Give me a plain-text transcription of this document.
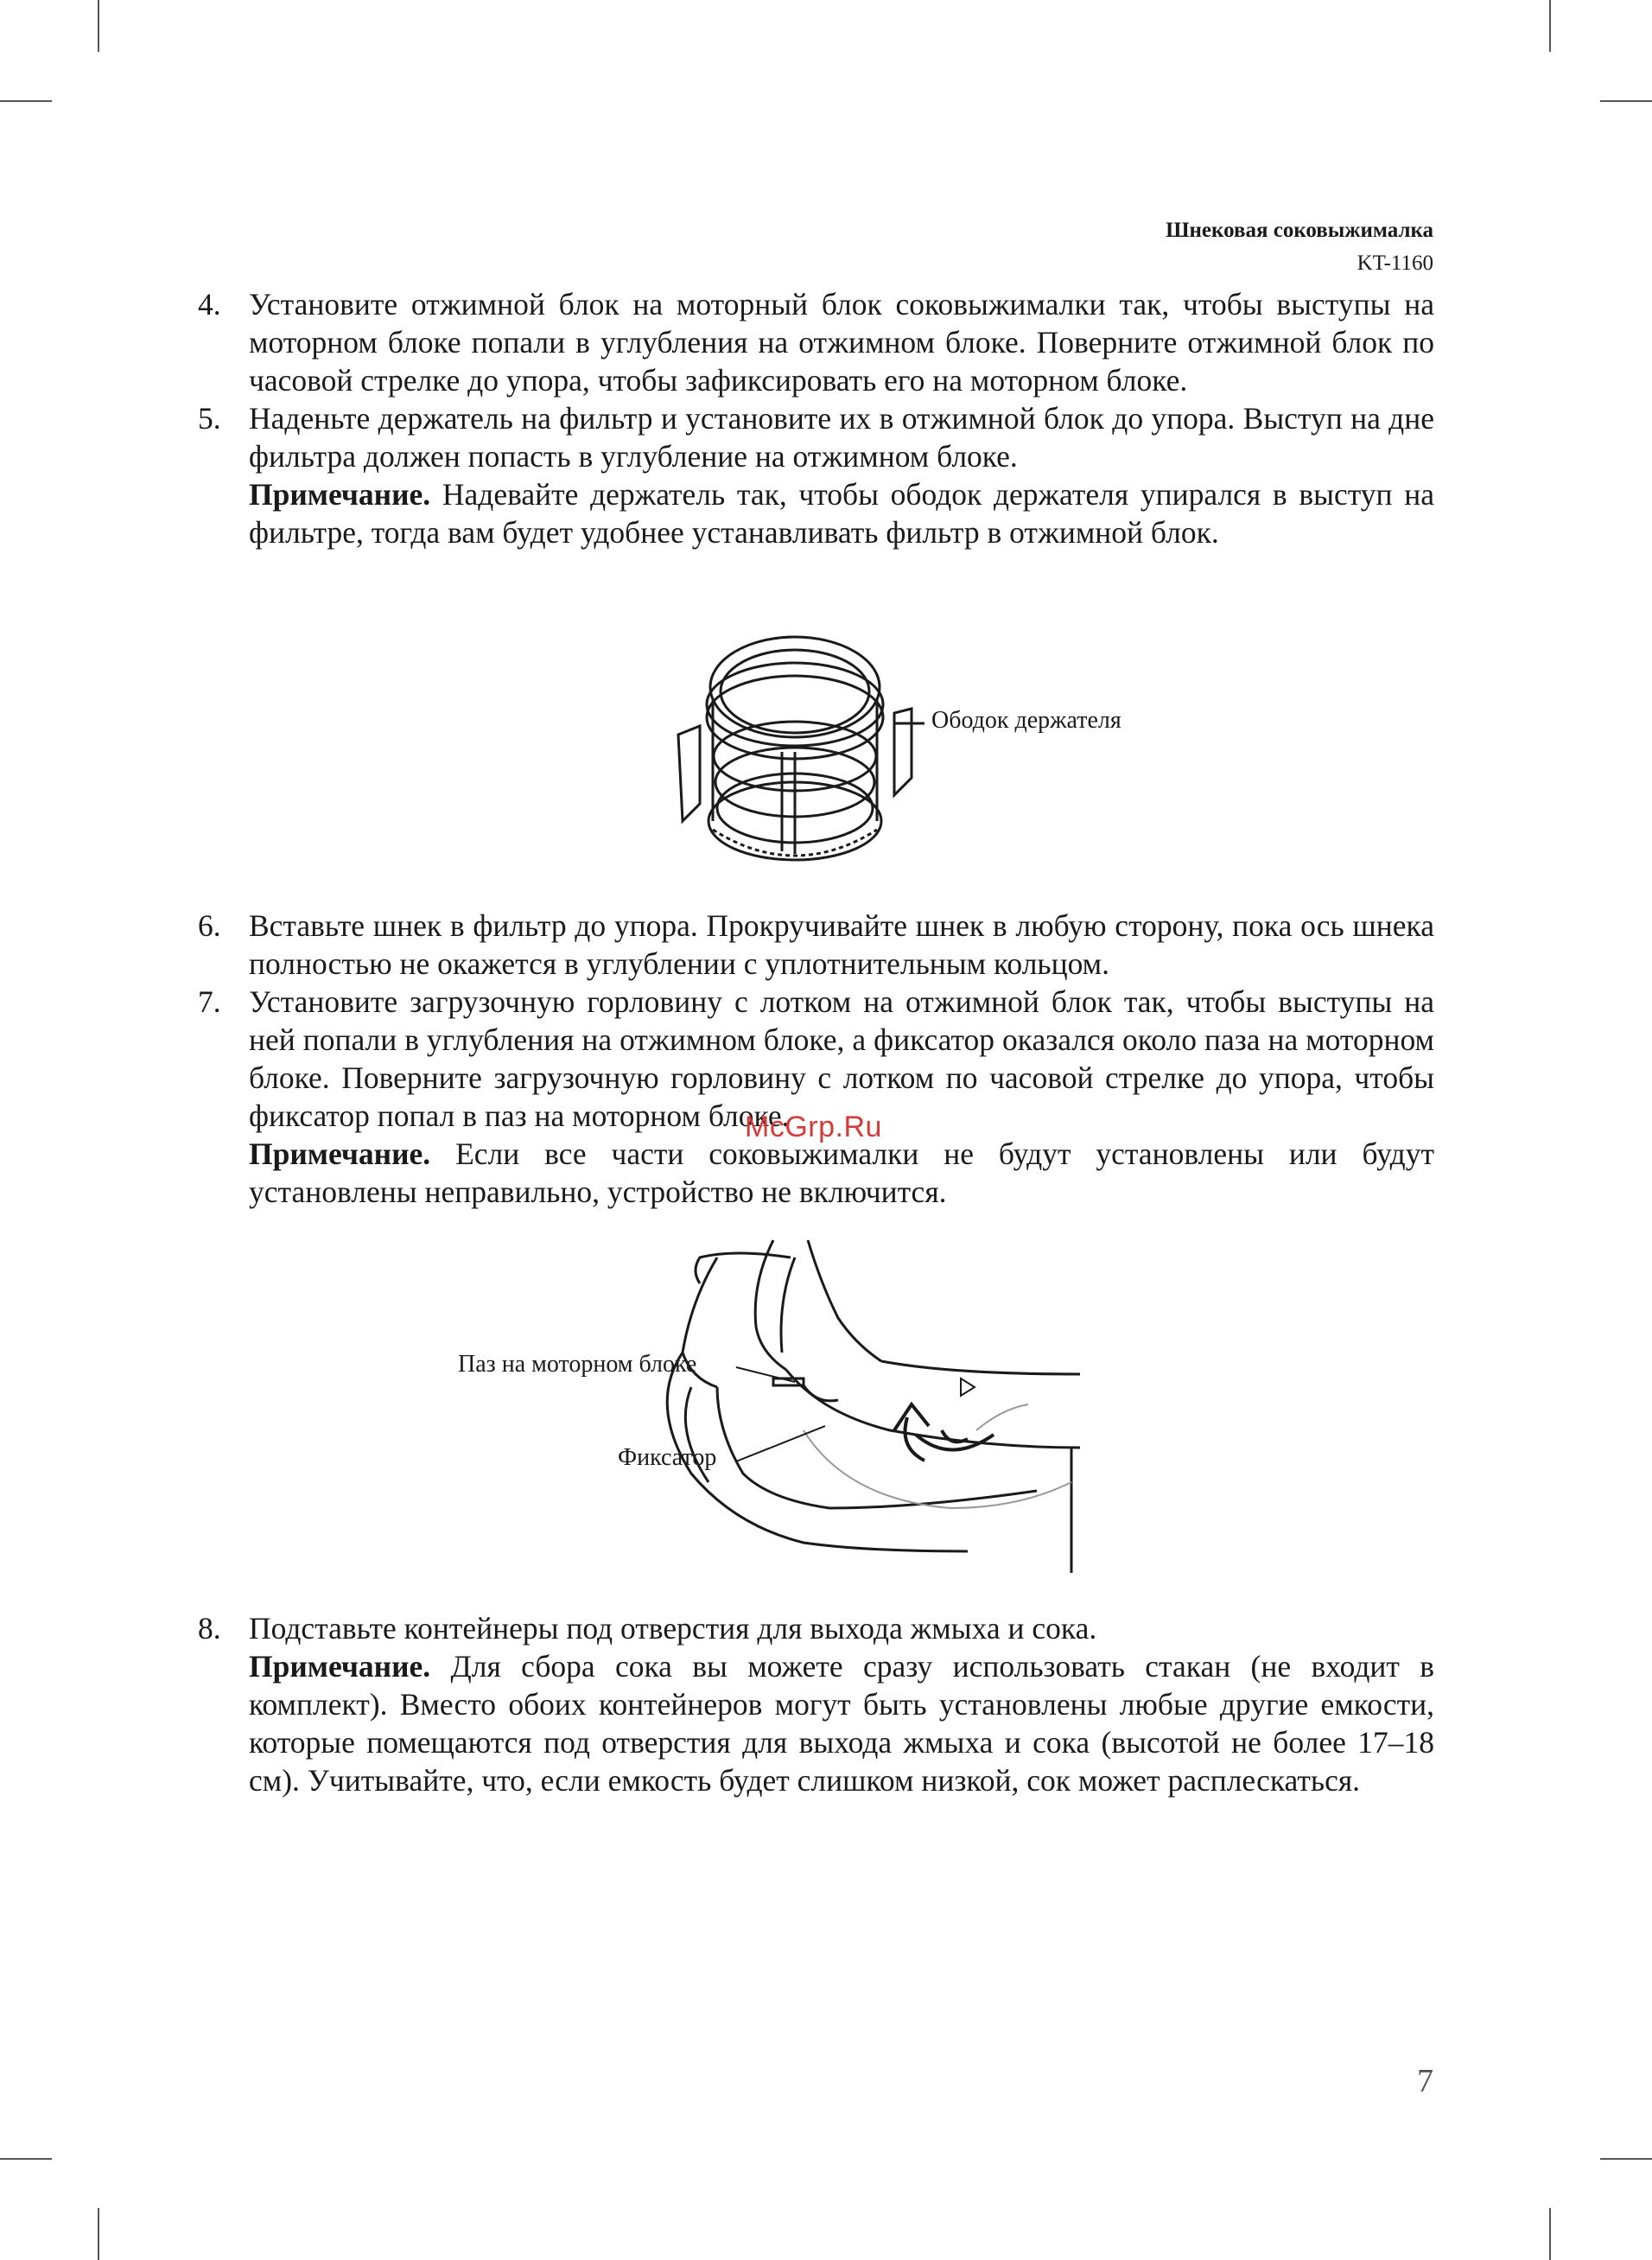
Шнековая соковыжималка
KT-1160
4. Установите отжимной блок на моторный блок соковыжималки так, чтобы выступы на моторном блоке попали в углубления на отжимном блоке. Поверните отжимной блок по часовой стрелке до упора, чтобы зафиксировать его на моторном блоке.

5. Наденьте держатель на фильтр и установите их в отжимной блок до упора. Выступ на дне фильтра должен попасть в углубление на отжимном блоке.

Примечание. Надевайте держатель так, чтобы ободок держателя упирался в выступ на фильтре, тогда вам будет удобнее устанавливать фильтр в отжимной блок.

Ободок держателя
6. Вставьте шнек в фильтр до упора. Прокручивайте шнек в любую сторону, пока ось шнека полностью не окажется в углублении с уплотнительным кольцом.

7. Установите загрузочную горловину с лотком на отжимной блок так, чтобы выступы на ней попали в углубления на отжимном блоке, а фиксатор оказался около паза на моторном блоке. Поверните загрузочную горловину с лотком по часовой стрелке до упора, чтобы фиксатор попал в паз на моторном блоке.

Примечание. Если все части соковыжималки не будут установлены или будут установлены неправильно, устройство не включится.

McGrp.Ru
Паз на моторном блоке
Фиксатор
8. Подставьте контейнеры под отверстия для выхода жмыха и сока.

Примечание. Для сбора сока вы можете сразу использовать стакан (не входит в комплект). Вместо обоих контейнеров могут быть установлены любые другие емкости, которые помещаются под отверстия для выхода жмыха и сока (высотой не более 17–18 см). Учитывайте, что, если емкость будет слишком низкой, сок может расплескаться.

7
